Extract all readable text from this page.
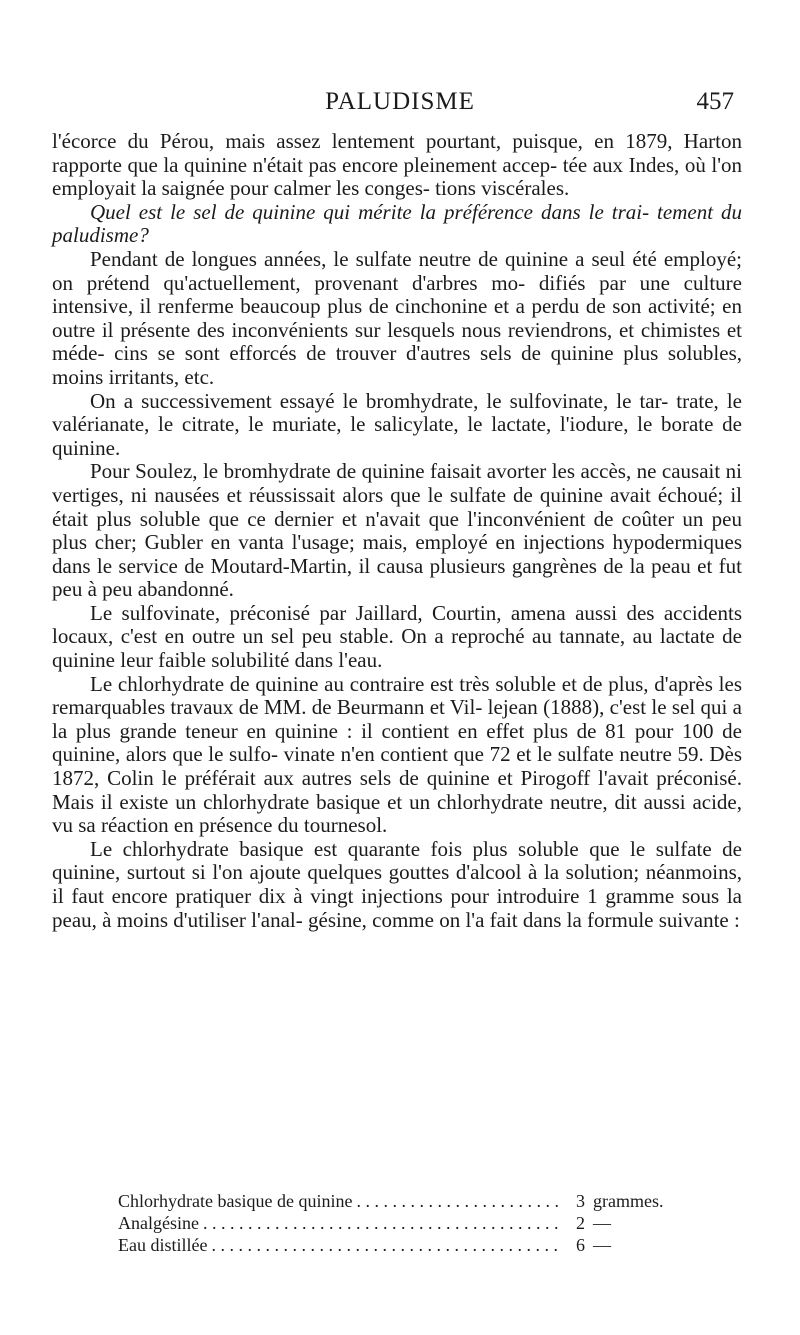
PALUDISME	457

l'écorce du Pérou, mais assez lentement pourtant, puisque, en 1879, Harton rapporte que la quinine n'était pas encore pleinement accep- tée aux Indes, où l'on employait la saignée pour calmer les conges- tions viscérales.

Quel est le sel de quinine qui mérite la préférence dans le trai- tement du paludisme?

Pendant de longues années, le sulfate neutre de quinine a seul été employé; on prétend qu'actuellement, provenant d'arbres mo- difiés par une culture intensive, il renferme beaucoup plus de cinchonine et a perdu de son activité; en outre il présente des inconvénients sur lesquels nous reviendrons, et chimistes et méde- cins se sont efforcés de trouver d'autres sels de quinine plus solubles, moins irritants, etc.

On a successivement essayé le bromhydrate, le sulfovinate, le tar- trate, le valérianate, le citrate, le muriate, le salicylate, le lactate, l'iodure, le borate de quinine.

Pour Soulez, le bromhydrate de quinine faisait avorter les accès, ne causait ni vertiges, ni nausées et réussissait alors que le sulfate de quinine avait échoué; il était plus soluble que ce dernier et n'avait que l'inconvénient de coûter un peu plus cher; Gubler en vanta l'usage; mais, employé en injections hypodermiques dans le service de Moutard-Martin, il causa plusieurs gangrènes de la peau et fut peu à peu abandonné.

Le sulfovinate, préconisé par Jaillard, Courtin, amena aussi des accidents locaux, c'est en outre un sel peu stable. On a reproché au tannate, au lactate de quinine leur faible solubilité dans l'eau.

Le chlorhydrate de quinine au contraire est très soluble et de plus, d'après les remarquables travaux de MM. de Beurmann et Vil- lejean (1888), c'est le sel qui a la plus grande teneur en quinine : il contient en effet plus de 81 pour 100 de quinine, alors que le sulfo- vinate n'en contient que 72 et le sulfate neutre 59. Dès 1872, Colin le préférait aux autres sels de quinine et Pirogoff l'avait préconisé. Mais il existe un chlorhydrate basique et un chlorhydrate neutre, dit aussi acide, vu sa réaction en présence du tournesol.

Le chlorhydrate basique est quarante fois plus soluble que le sulfate de quinine, surtout si l'on ajoute quelques gouttes d'alcool à la solution; néanmoins, il faut encore pratiquer dix à vingt injections pour introduire 1 gramme sous la peau, à moins d'utiliser l'anal- gésine, comme on l'a fait dans la formule suivante :

Chlorhydrate basique de quinine . . .	3 grammes.
Analgésine . . .	2 —
Eau distillée . . .	6 —
